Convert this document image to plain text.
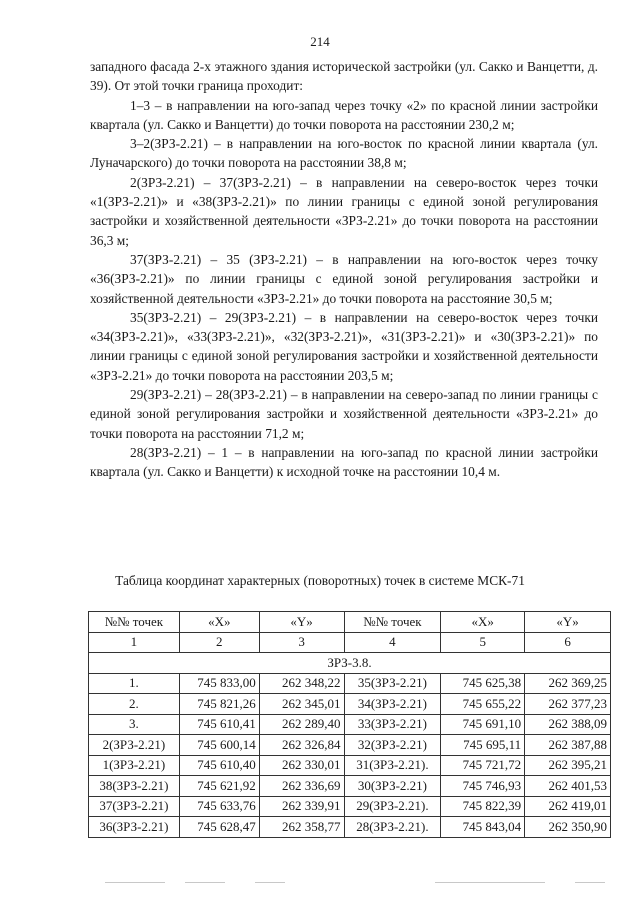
214

западного фасада 2-х этажного здания исторической застройки (ул. Сакко и Ванцетти, д. 39). От этой точки граница проходит:

1–3 – в направлении на юго-запад через точку «2» по красной линии застройки квартала (ул. Сакко и Ванцетти) до точки поворота на расстоянии 230,2 м;

3–2(ЗРЗ-2.21) – в направлении на юго-восток по красной линии квартала (ул. Луначарского) до точки поворота на расстоянии 38,8 м;

2(ЗРЗ-2.21) – 37(ЗРЗ-2.21) – в направлении на северо-восток через точки «1(ЗРЗ-2.21)» и «38(ЗРЗ-2.21)» по линии границы с единой зоной регулирования застройки и хозяйственной деятельности «ЗРЗ-2.21» до точки поворота на расстоянии 36,3 м;

37(ЗРЗ-2.21) – 35 (ЗРЗ-2.21) – в направлении на юго-восток через точку «36(ЗРЗ-2.21)» по линии границы с единой зоной регулирования застройки и хозяйственной деятельности «ЗРЗ-2.21» до точки поворота на расстояние 30,5 м;

35(ЗРЗ-2.21) – 29(ЗРЗ-2.21) – в направлении на северо-восток через точки «34(ЗРЗ-2.21)», «33(ЗРЗ-2.21)», «32(ЗРЗ-2.21)», «31(ЗРЗ-2.21)» и «30(ЗРЗ-2.21)» по линии границы с единой зоной регулирования застройки и хозяйственной деятельности «ЗРЗ-2.21» до точки поворота на расстоянии 203,5 м;

29(ЗРЗ-2.21) – 28(ЗРЗ-2.21) – в направлении на северо-запад по линии границы с единой зоной регулирования застройки и хозяйственной деятельности «ЗРЗ-2.21» до точки поворота на расстоянии 71,2 м;

28(ЗРЗ-2.21) – 1 – в направлении на юго-запад по красной линии застройки квартала (ул. Сакко и Ванцетти) к исходной точке на расстоянии 10,4 м.

Таблица координат характерных (поворотных) точек в системе МСК-71
№№ точек	«X»	«Y»	№№ точек	«X»	«Y»
1	2	3	4	5	6
ЗРЗ-3.8.					
1.	745 833,00	262 348,22	35(ЗРЗ-2.21)	745 625,38	262 369,25
2.	745 821,26	262 345,01	34(ЗРЗ-2.21)	745 655,22	262 377,23
3.	745 610,41	262 289,40	33(ЗРЗ-2.21)	745 691,10	262 388,09
2(ЗРЗ-2.21)	745 600,14	262 326,84	32(ЗРЗ-2.21)	745 695,11	262 387,88
1(ЗРЗ-2.21)	745 610,40	262 330,01	31(ЗРЗ-2.21).	745 721,72	262 395,21
38(ЗРЗ-2.21)	745 621,92	262 336,69	30(ЗРЗ-2.21)	745 746,93	262 401,53
37(ЗРЗ-2.21)	745 633,76	262 339,91	29(ЗРЗ-2.21).	745 822,39	262 419,01
36(ЗРЗ-2.21)	745 628,47	262 358,77	28(ЗРЗ-2.21).	745 843,04	262 350,90
